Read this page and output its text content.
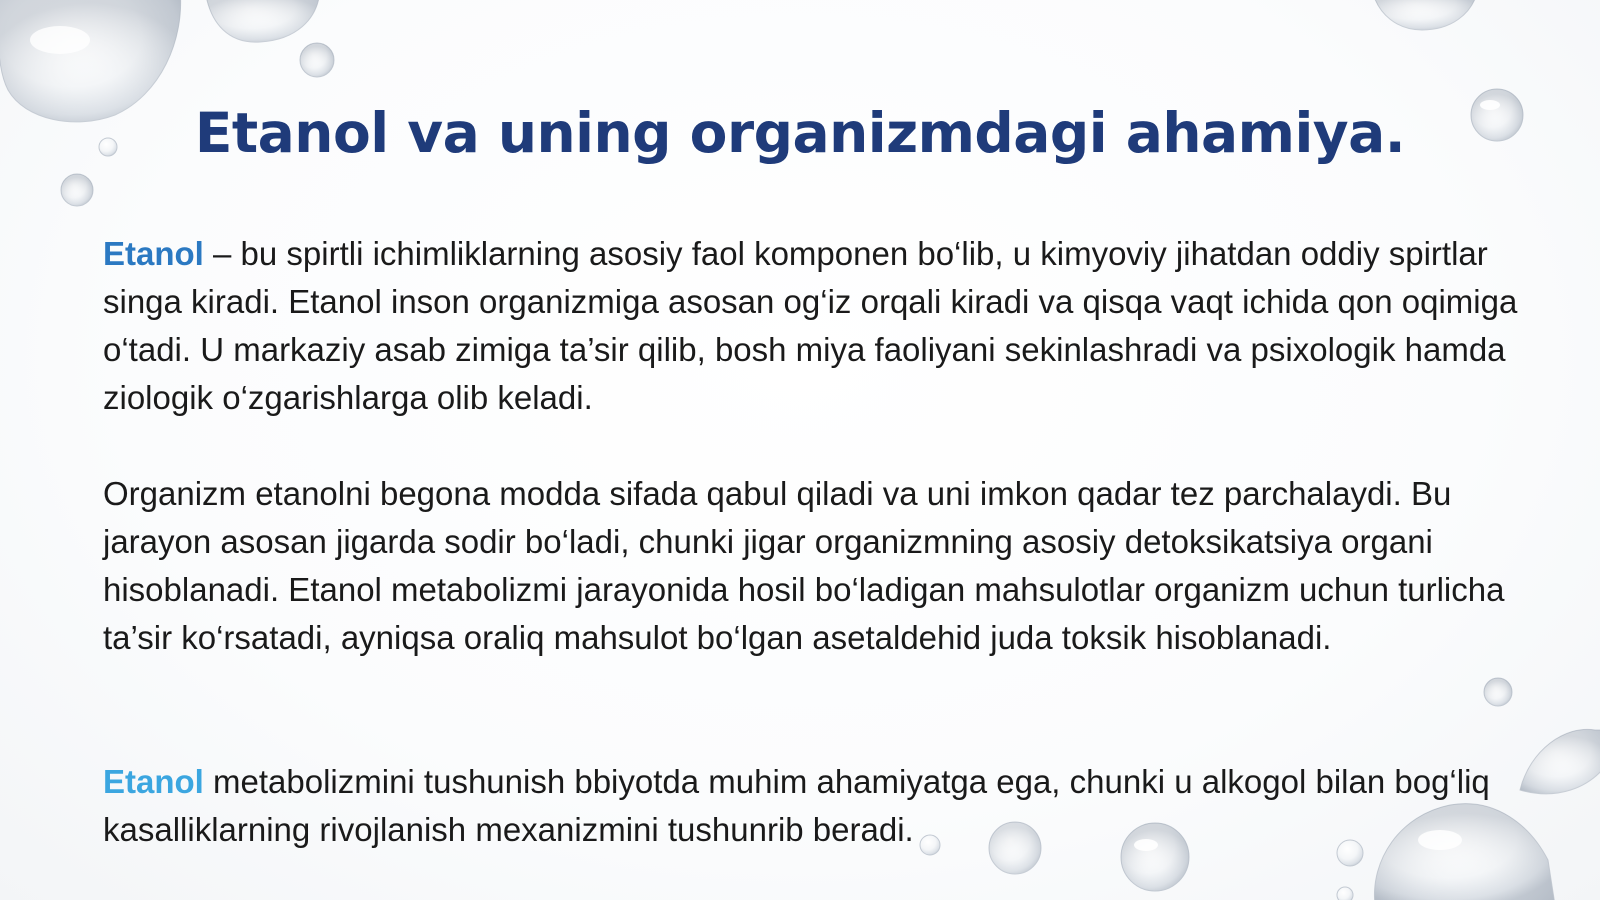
Etanol va uning organizmdagi ahamiya.
Etanol – bu spirtli ichimliklarning asosiy faol komponen bo‘lib, u kimyoviy jihatdan oddiy spirtlar singa kiradi. Etanol inson organizmiga asosan og‘iz orqali kiradi va qisqa vaqt ichida qon oqimiga o‘tadi. U markaziy asab zimiga ta’sir qilib, bosh miya faoliyani sekinlashradi va psixologik hamda ziologik o‘zgarishlarga olib keladi.
Organizm etanolni begona modda sifada qabul qiladi va uni imkon qadar tez parchalaydi. Bu jarayon asosan jigarda sodir bo‘ladi, chunki jigar organizmning asosiy detoksikatsiya organi hisoblanadi. Etanol metabolizmi jarayonida hosil bo‘ladigan mahsulotlar organizm uchun turlicha ta’sir ko‘rsatadi, ayniqsa oraliq mahsulot bo‘lgan asetaldehid juda toksik hisoblanadi.
Etanol metabolizmini tushunish bbiyotda muhim ahamiyatga ega, chunki u alkogol bilan bog‘liq kasalliklarning rivojlanish mexanizmini tushunrib beradi.
